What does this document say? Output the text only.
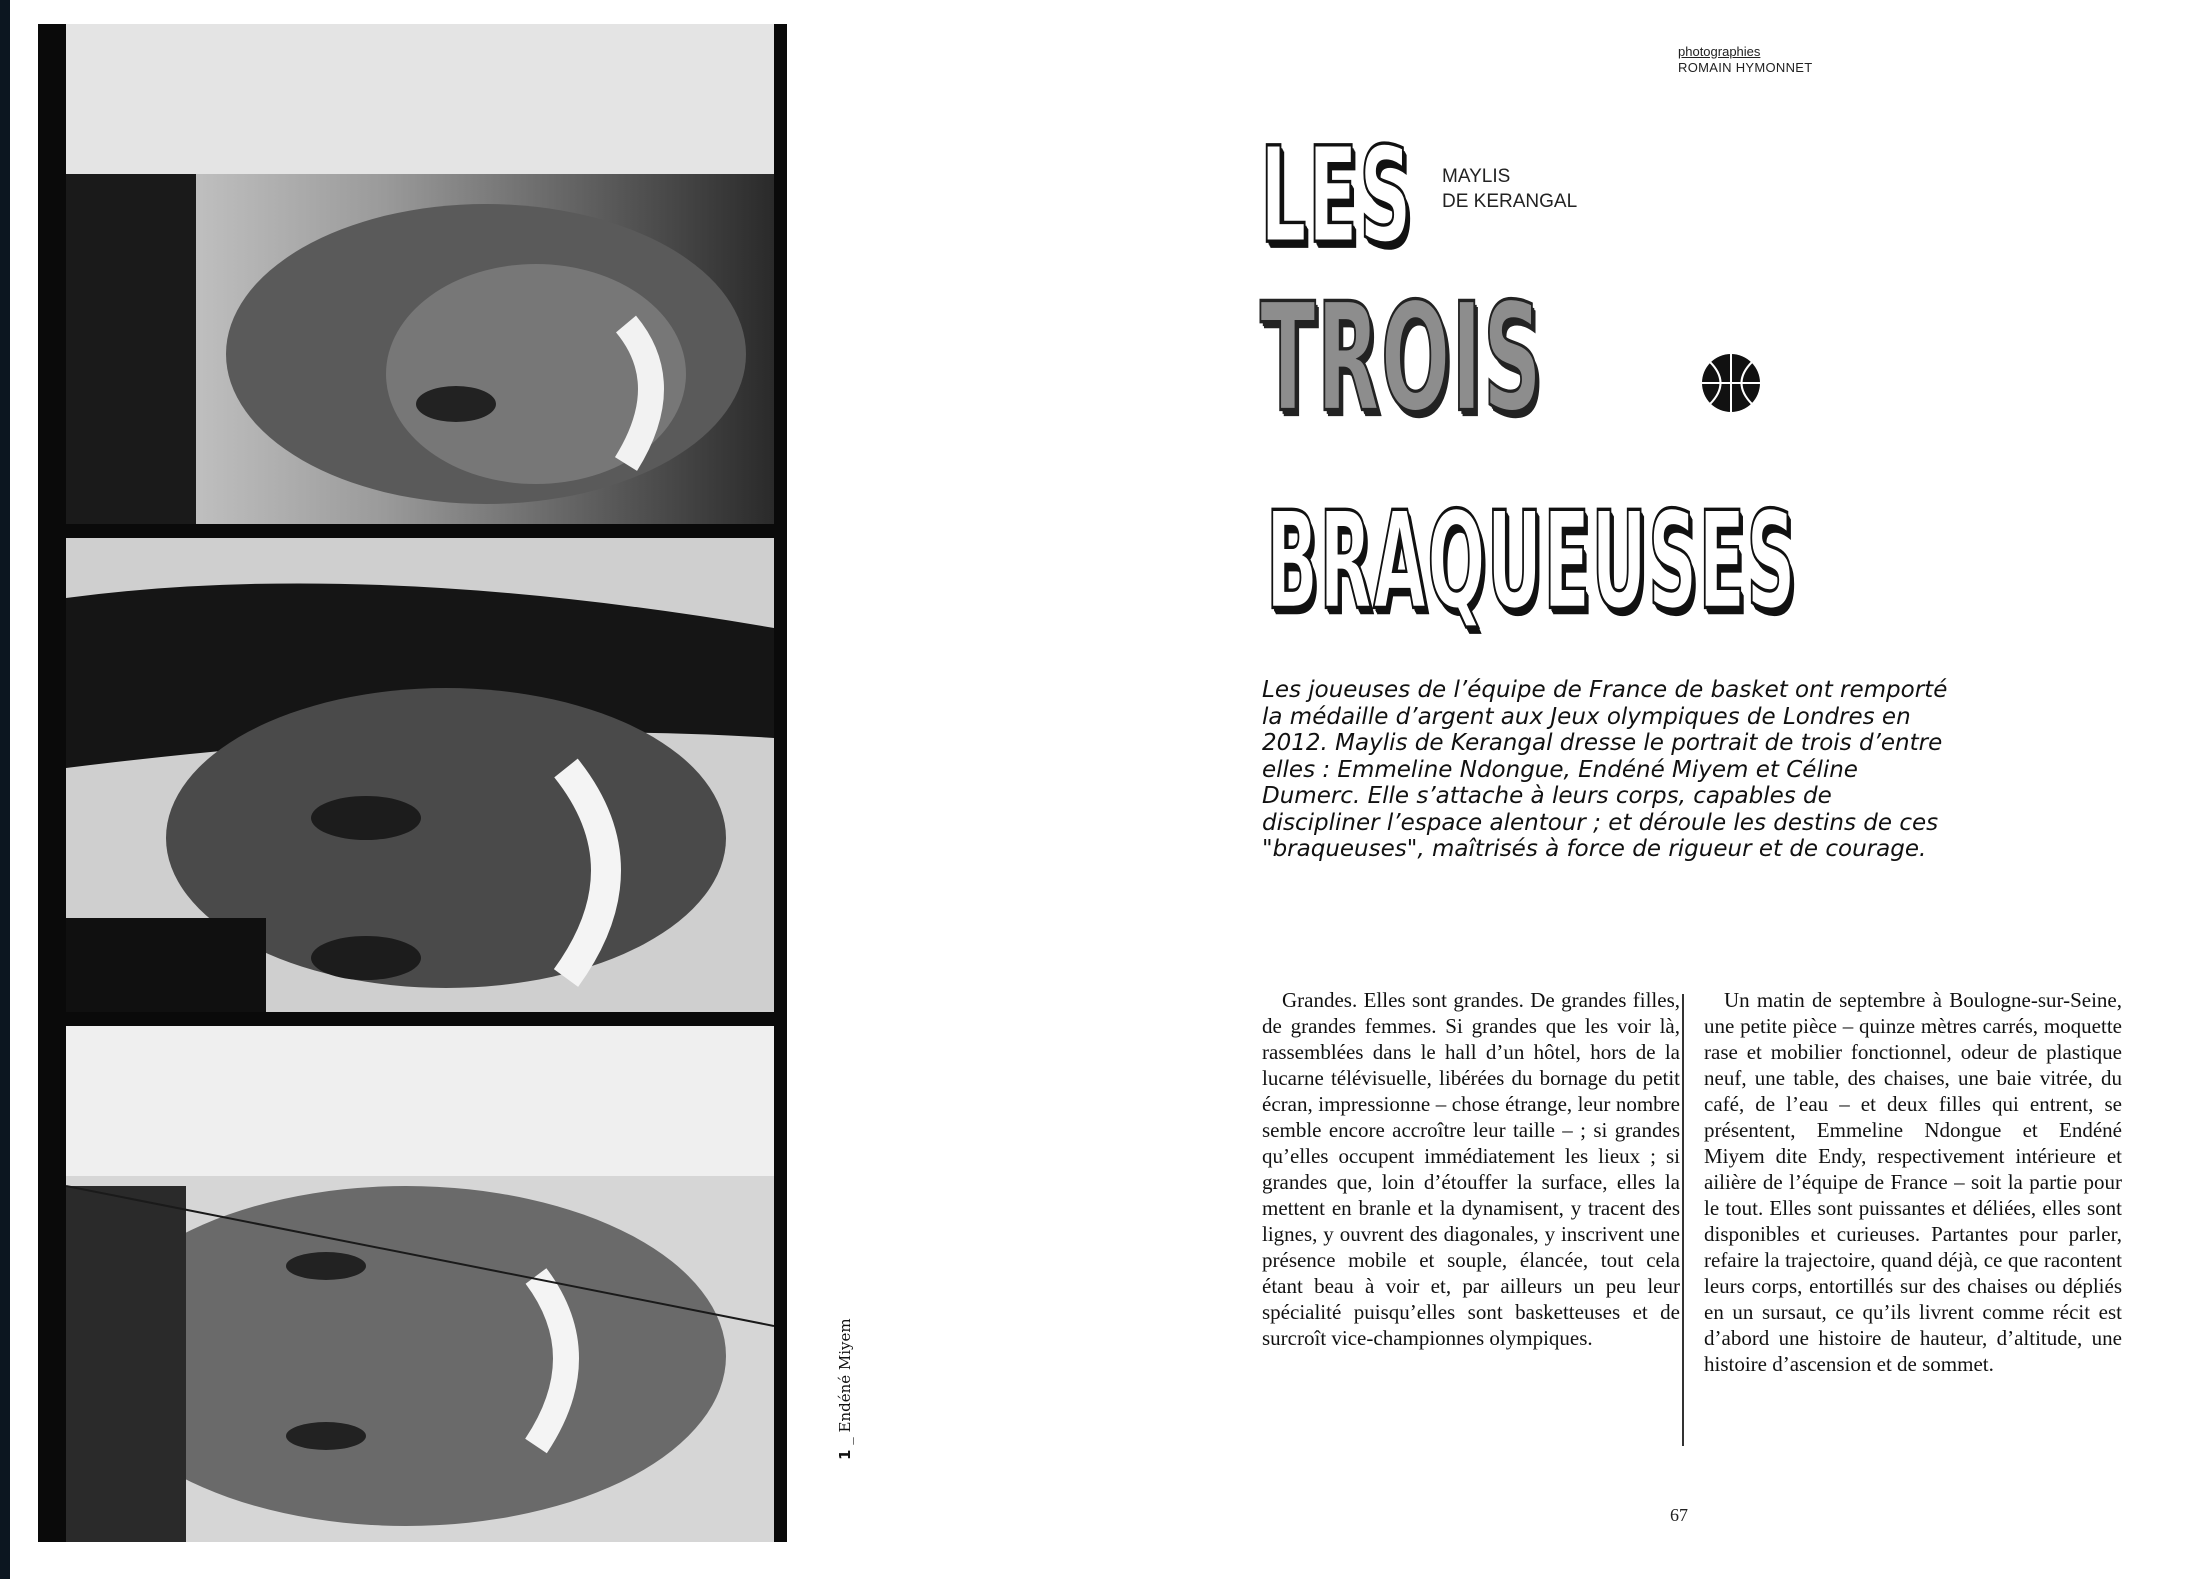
1 _ Endéné Miyem
photographies
ROMAIN HYMONNET
MAYLIS
DE KERANGAL
LES
TROIS
BRAQUEUSES
Les joueuses de l’équipe de France de basket ont remporté la médaille d’argent aux Jeux olympiques de Londres en 2012. Maylis de Kerangal dresse le portrait de trois d’entre elles : Emmeline Ndongue, Endéné Miyem et Céline Dumerc. Elle s’attache à leurs corps, capables de discipliner l’espace alentour ; et déroule les destins de ces "braqueuses", maîtrisés à force de rigueur et de courage.

Grandes. Elles sont grandes. De grandes filles, de grandes femmes. Si grandes que les voir là, rassemblées dans le hall d’un hôtel, hors de la lucarne télévisuelle, libérées du bornage du petit écran, impressionne – chose étrange, leur nombre semble encore accroître leur taille – ; si grandes qu’elles occupent immédiatement les lieux ; si grandes que, loin d’étouffer la surface, elles la mettent en branle et la dynamisent, y tracent des lignes, y ouvrent des diagonales, y inscrivent une présence mobile et souple, élancée, tout cela étant beau à voir et, par ailleurs un peu leur spécialité puisqu’elles sont basketteuses et de surcroît vice-championnes olympiques.

Un matin de septembre à Boulogne-sur-Seine, une petite pièce – quinze mètres carrés, moquette rase et mobilier fonctionnel, odeur de plastique neuf, une table, des chaises, une baie vitrée, du café, de l’eau – et deux filles qui entrent, se présentent, Emmeline Ndongue et Endéné Miyem dite Endy, respectivement intérieure et ailière de l’équipe de France – soit la partie pour le tout. Elles sont puissantes et déliées, elles sont disponibles et curieuses. Partantes pour parler, refaire la trajectoire, quand déjà, ce que racontent leurs corps, entortillés sur des chaises ou dépliés en un sursaut, ce qu’ils livrent comme récit est d’abord une histoire de hauteur, d’altitude, une histoire d’ascension et de sommet.

67
